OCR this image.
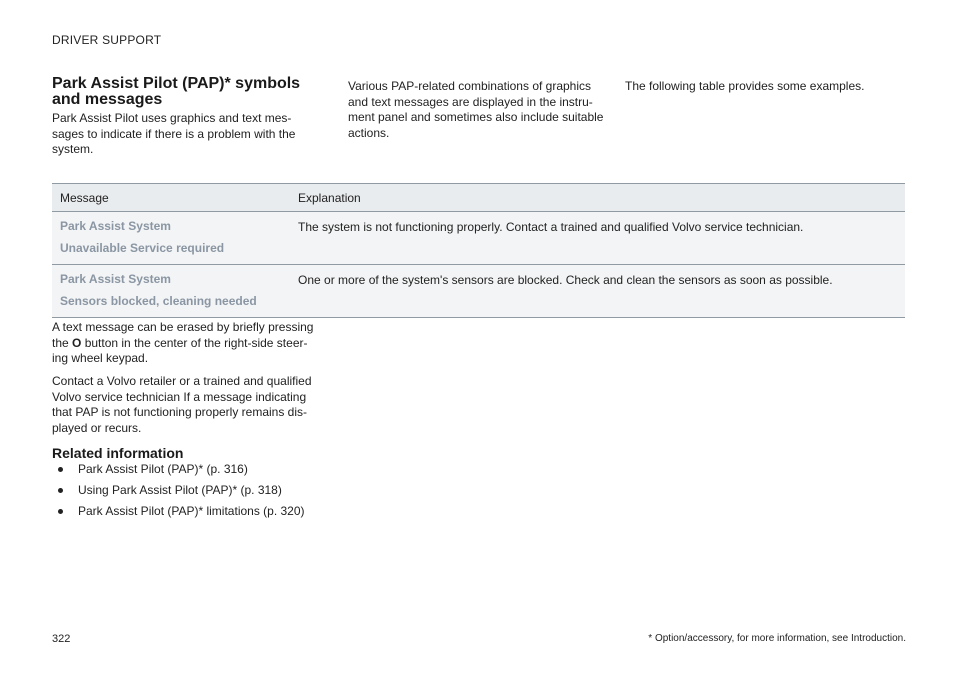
DRIVER SUPPORT
Park Assist Pilot (PAP)* symbols and messages
Park Assist Pilot uses graphics and text mes-sages to indicate if there is a problem with the system.
Various PAP-related combinations of graphics and text messages are displayed in the instru-ment panel and sometimes also include suitable actions.
The following table provides some examples.
Message	Explanation

Park Assist System
Unavailable Service required	The system is not functioning properly. Contact a trained and qualified Volvo service technician.

Park Assist System
Sensors blocked, cleaning needed	One or more of the system's sensors are blocked. Check and clean the sensors as soon as possible.
A text message can be erased by briefly pressing the O button in the center of the right-side steer-ing wheel keypad.
Contact a Volvo retailer or a trained and qualified Volvo service technician If a message indicating that PAP is not functioning properly remains dis-played or recurs.
Related information
Park Assist Pilot (PAP)* (p. 316)
Using Park Assist Pilot (PAP)* (p. 318)
Park Assist Pilot (PAP)* limitations (p. 320)
322	* Option/accessory, for more information, see Introduction.
